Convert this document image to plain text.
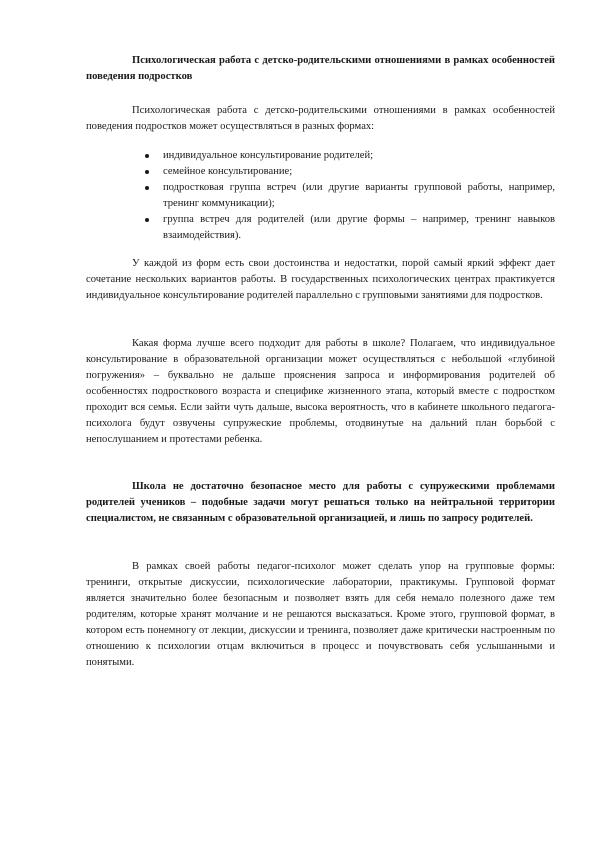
Психологическая работа с детско-родительскими отношениями в рамках особенностей поведения подростков

Психологическая работа с детско-родительскими отношениями в рамках особенностей поведения подростков может осуществляться в разных формах:

индивидуальное консультирование родителей;
семейное консультирование;
подростковая группа встреч (или другие варианты групповой работы, например, тренинг коммуникации);
группа встреч для родителей (или другие формы – например, тренинг навыков взаимодействия).

У каждой из форм есть свои достоинства и недостатки, порой самый яркий эффект дает сочетание нескольких вариантов работы. В государственных психологических центрах практикуется индивидуальное консультирование родителей параллельно с групповыми занятиями для подростков.

Какая форма лучше всего подходит для работы в школе? Полагаем, что индивидуальное консультирование в образовательной организации может осуществляться с небольшой «глубиной погружения» – буквально не дальше прояснения запроса и информирования родителей об особенностях подросткового возраста и специфике жизненного этапа, который вместе с подростком проходит вся семья. Если зайти чуть дальше, высока вероятность, что в кабинете школьного педагога-психолога будут озвучены супружеские проблемы, отодвинутые на дальний план борьбой с непослушанием и протестами ребенка.

Школа не достаточно безопасное место для работы с супружескими проблемами родителей учеников – подобные задачи могут решаться только на нейтральной территории специалистом, не связанным с образовательной организацией, и лишь по запросу родителей.

В рамках своей работы педагог-психолог может сделать упор на групповые формы: тренинги, открытые дискуссии, психологические лаборатории, практикумы. Групповой формат является значительно более безопасным и позволяет взять для себя немало полезного даже тем родителям, которые хранят молчание и не решаются высказаться. Кроме этого, групповой формат, в котором есть понемногу от лекции, дискуссии и тренинга, позволяет даже критически настроенным по отношению к психологии отцам включиться в процесс и почувствовать себя услышанными и понятыми.
